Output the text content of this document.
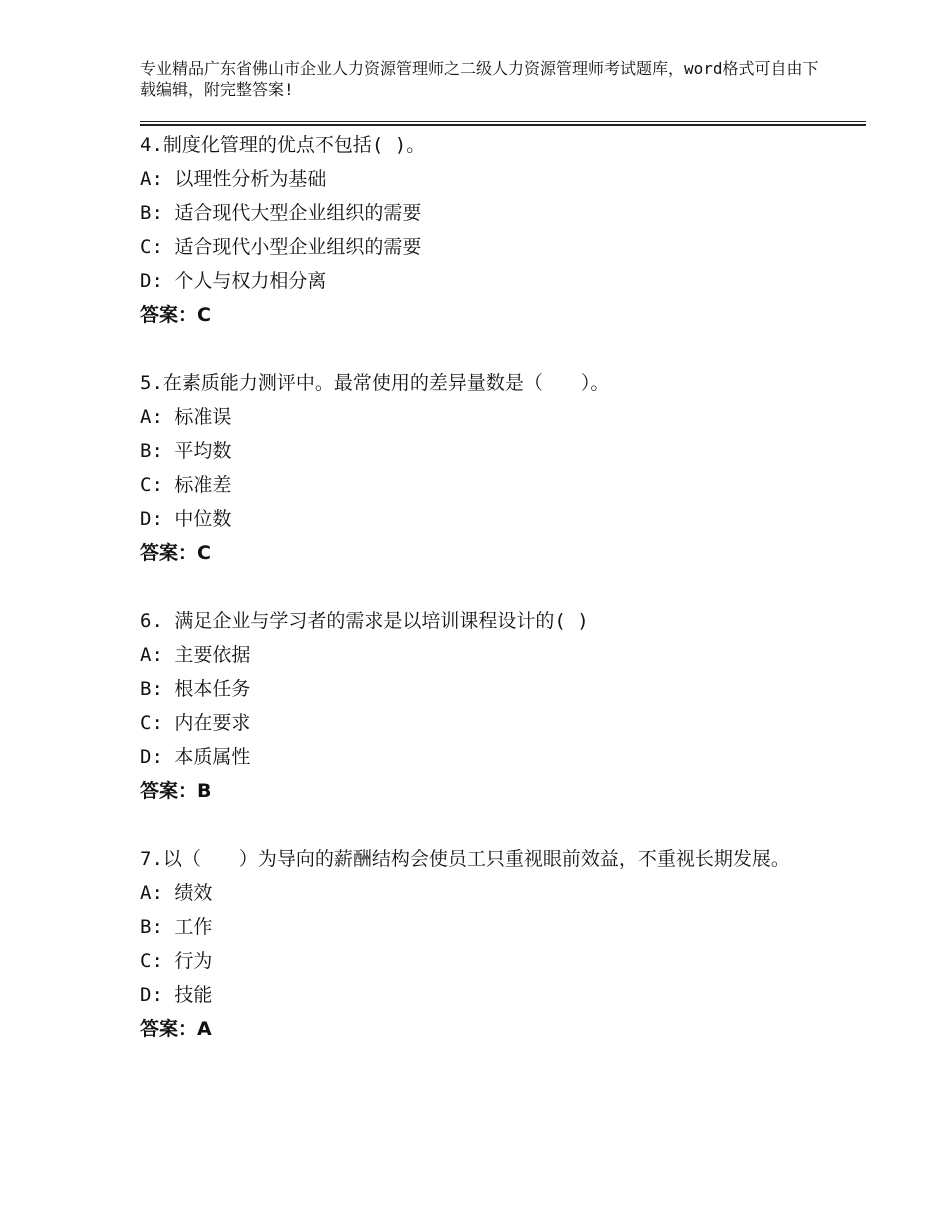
专业精品广东省佛山市企业人力资源管理师之二级人力资源管理师考试题库，word格式可自由下载编辑，附完整答案!

4.制度化管理的优点不包括( )。

A: 以理性分析为基础

B: 适合现代大型企业组织的需要

C: 适合现代小型企业组织的需要

D: 个人与权力相分离

答案：C

5.在素质能力测评中。最常使用的差异量数是（　　）。

A: 标准误

B: 平均数

C: 标准差

D: 中位数

答案：C

6. 满足企业与学习者的需求是以培训课程设计的( )

A: 主要依据

B: 根本任务

C: 内在要求

D: 本质属性

答案：B

7.以（　　）为导向的薪酬结构会使员工只重视眼前效益，不重视长期发展。

A: 绩效

B: 工作

C: 行为

D: 技能

答案：A
